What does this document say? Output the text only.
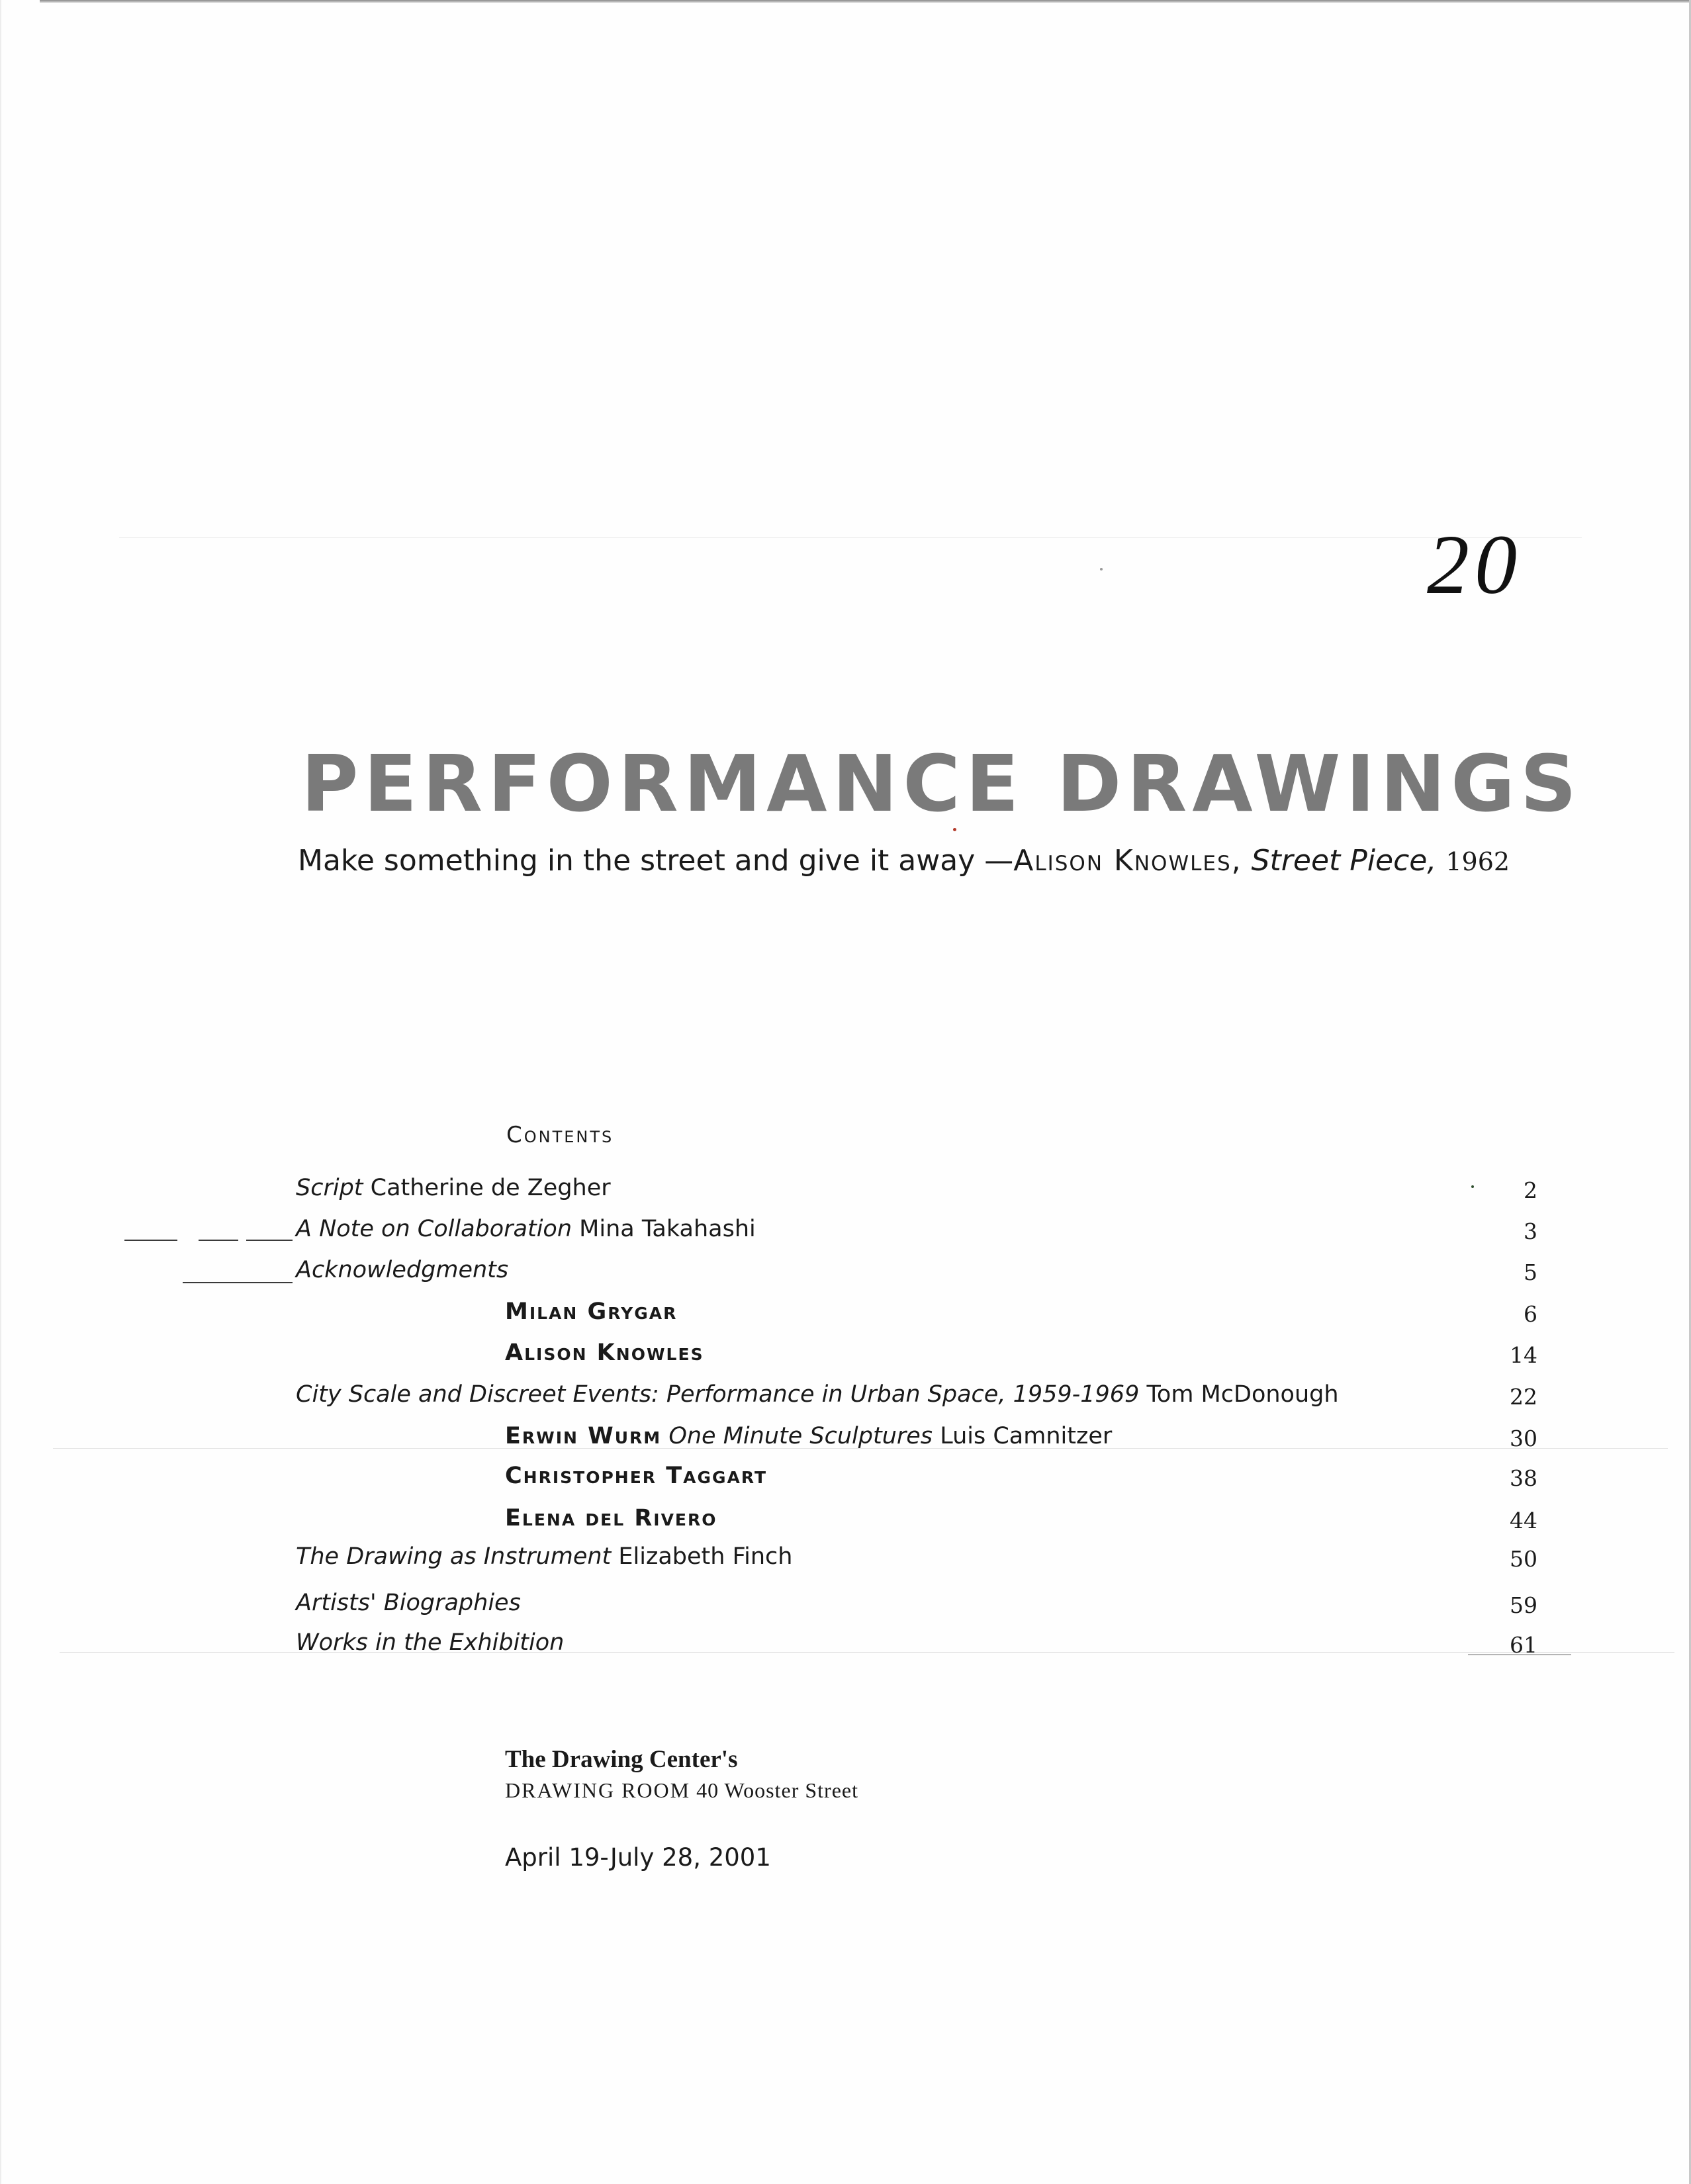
20
PERFORMANCE DRAWINGS
Make something in the street and give it away —Alison Knowles, Street Piece, 1962
Contents
Script Catherine de Zegher	2
A Note on Collaboration Mina Takahashi	3
Acknowledgments	5
Milan Grygar	6
Alison Knowles	14
City Scale and Discreet Events: Performance in Urban Space, 1959-1969 Tom McDonough	22
Erwin Wurm One Minute Sculptures Luis Camnitzer	30
Christopher Taggart	38
Elena del Rivero	44
The Drawing as Instrument Elizabeth Finch	50
Artists' Biographies	59
Works in the Exhibition	61
The Drawing Center's
DRAWING ROOM 40 Wooster Street
April 19-July 28, 2001
